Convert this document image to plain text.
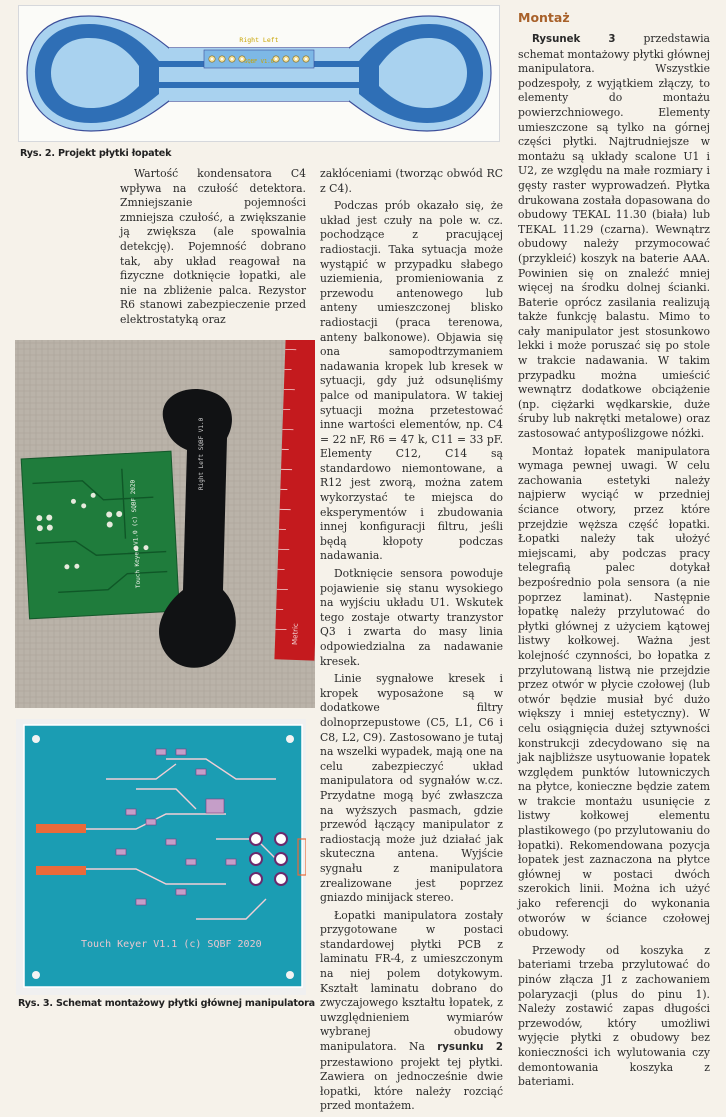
Right Left
SQBF V1.0
Rys. 2. Projekt płytki łopatek
Montaż

Wartość kondensatora C4 wpływa na czułość detektora. Zmniejszanie pojemności zmniejsza czułość, a zwiększanie ją zwiększa (ale spowalnia detekcję). Pojemność dobrano tak, aby układ reagował na fizyczne dotknięcie łopatki, ale nie na zbliżenie palca. Rezystor R6 stanowi zabezpieczenie przed elektrostatyką oraz

Metric
Touch Keyer V1.0 (c) SQBF 2020
Right Left SQBF V1.0
Touch Keyer V1.1 (c) SQBF 2020
Rys. 3. Schemat montażowy płytki głównej manipulatora

zakłóceniami (tworząc obwód RC z C4).

Podczas prób okazało się, że układ jest czuły na pole w. cz. pochodzące z pracującej radiostacji. Taka sytuacja może wystąpić w przypadku słabego uziemienia, promieniowania z przewodu antenowego lub anteny umieszczonej blisko radiostacji (praca terenowa, anteny balkonowe). Objawia się ona samopodtrzymaniem nadawania kropek lub kresek w sytuacji, gdy już odsunęliśmy palce od manipulatora. W takiej sytuacji można przetestować inne wartości elementów, np. C4 = 22 nF, R6 = 47 k, C11 = 33 pF. Elementy C12, C14 są standardowo niemontowane, a R12 jest zworą, można zatem wykorzystać te miejsca do eksperymentów i zbudowania innej konfiguracji filtru, jeśli będą kłopoty podczas nadawania.

Dotknięcie sensora powoduje pojawienie się stanu wysokiego na wyjściu układu U1. Wskutek tego zostaje otwarty tranzystor Q3 i zwarta do masy linia odpowiedzialna za nadawanie kresek.

Linie sygnałowe kresek i kropek wyposażone są w dodatkowe filtry dolnoprzepustowe (C5, L1, C6 i C8, L2, C9). Zastosowano je tutaj na wszelki wypadek, mają one na celu zabezpieczyć układ manipulatora od sygnałów w.cz. Przydatne mogą być zwłaszcza na wyższych pasmach, gdzie przewód łączący manipulator z radiostacją może już działać jak skuteczna antena. Wyjście sygnału z manipulatora zrealizowane jest poprzez gniazdo minijack stereo.

Łopatki manipulatora zostały przygotowane w postaci standardowej płytki PCB z laminatu FR-4, z umieszczonym na niej polem dotykowym. Kształt laminatu dobrano do zwyczajowego kształtu łopatek, z uwzględnieniem wymiarów wybranej obudowy manipulatora. Na rysunku 2 przestawiono projekt tej płytki. Zawiera on jednocześnie dwie łopatki, które należy rozciąć przed montażem.

Rysunek 3 przedstawia schemat montażowy płytki głównej manipulatora. Wszystkie podzespoły, z wyjątkiem złączy, to elementy do montażu powierzchniowego. Elementy umieszczone są tylko na górnej części płytki. Najtrudniejsze w montażu są układy scalone U1 i U2, ze względu na małe rozmiary i gęsty raster wyprowadzeń. Płytka drukowana została dopasowana do obudowy TEKAL 11.30 (biała) lub TEKAL 11.29 (czarna). Wewnątrz obudowy należy przymocować (przykleić) koszyk na baterie AAA. Powinien się on znaleźć mniej więcej na środku dolnej ścianki. Baterie oprócz zasilania realizują także funkcję balastu. Mimo to cały manipulator jest stosunkowo lekki i może poruszać się po stole w trakcie nadawania. W takim przypadku można umieścić wewnątrz dodatkowe obciążenie (np. ciężarki wędkarskie, duże śruby lub nakrętki metalowe) oraz zastosować antypoślizgowe nóżki.

Montaż łopatek manipulatora wymaga pewnej uwagi. W celu zachowania estetyki należy najpierw wyciąć w przedniej ściance otwory, przez które przejdzie węższa część łopatki. Łopatki należy tak ułożyć miejscami, aby podczas pracy telegrafią palec dotykał bezpośrednio pola sensora (a nie poprzez laminat). Następnie łopatkę należy przylutować do płytki głównej z użyciem kątowej listwy kołkowej. Ważna jest kolejność czynności, bo łopatka z przylutowaną listwą nie przejdzie przez otwór w płycie czołowej (lub otwór będzie musiał być dużo większy i mniej estetyczny). W celu osiągnięcia dużej sztywności konstrukcji zdecydowano się na jak najbliższe usytuowanie łopatek względem punktów lutowniczych na płytce, konieczne będzie zatem w trakcie montażu usunięcie z listwy kołkowej elementu plastikowego (po przylutowaniu do łopatki). Rekomendowana pozycja łopatek jest zaznaczona na płytce głównej w postaci dwóch szerokich linii. Można ich użyć jako referencji do wykonania otworów w ściance czołowej obudowy.

Przewody od koszyka z bateriami trzeba przylutować do pinów złącza J1 z zachowaniem polaryzacji (plus do pinu 1). Należy zostawić zapas długości przewodów, który umożliwi wyjęcie płytki z obudowy bez konieczności ich wylutowania czy demontowania koszyka z bateriami.
